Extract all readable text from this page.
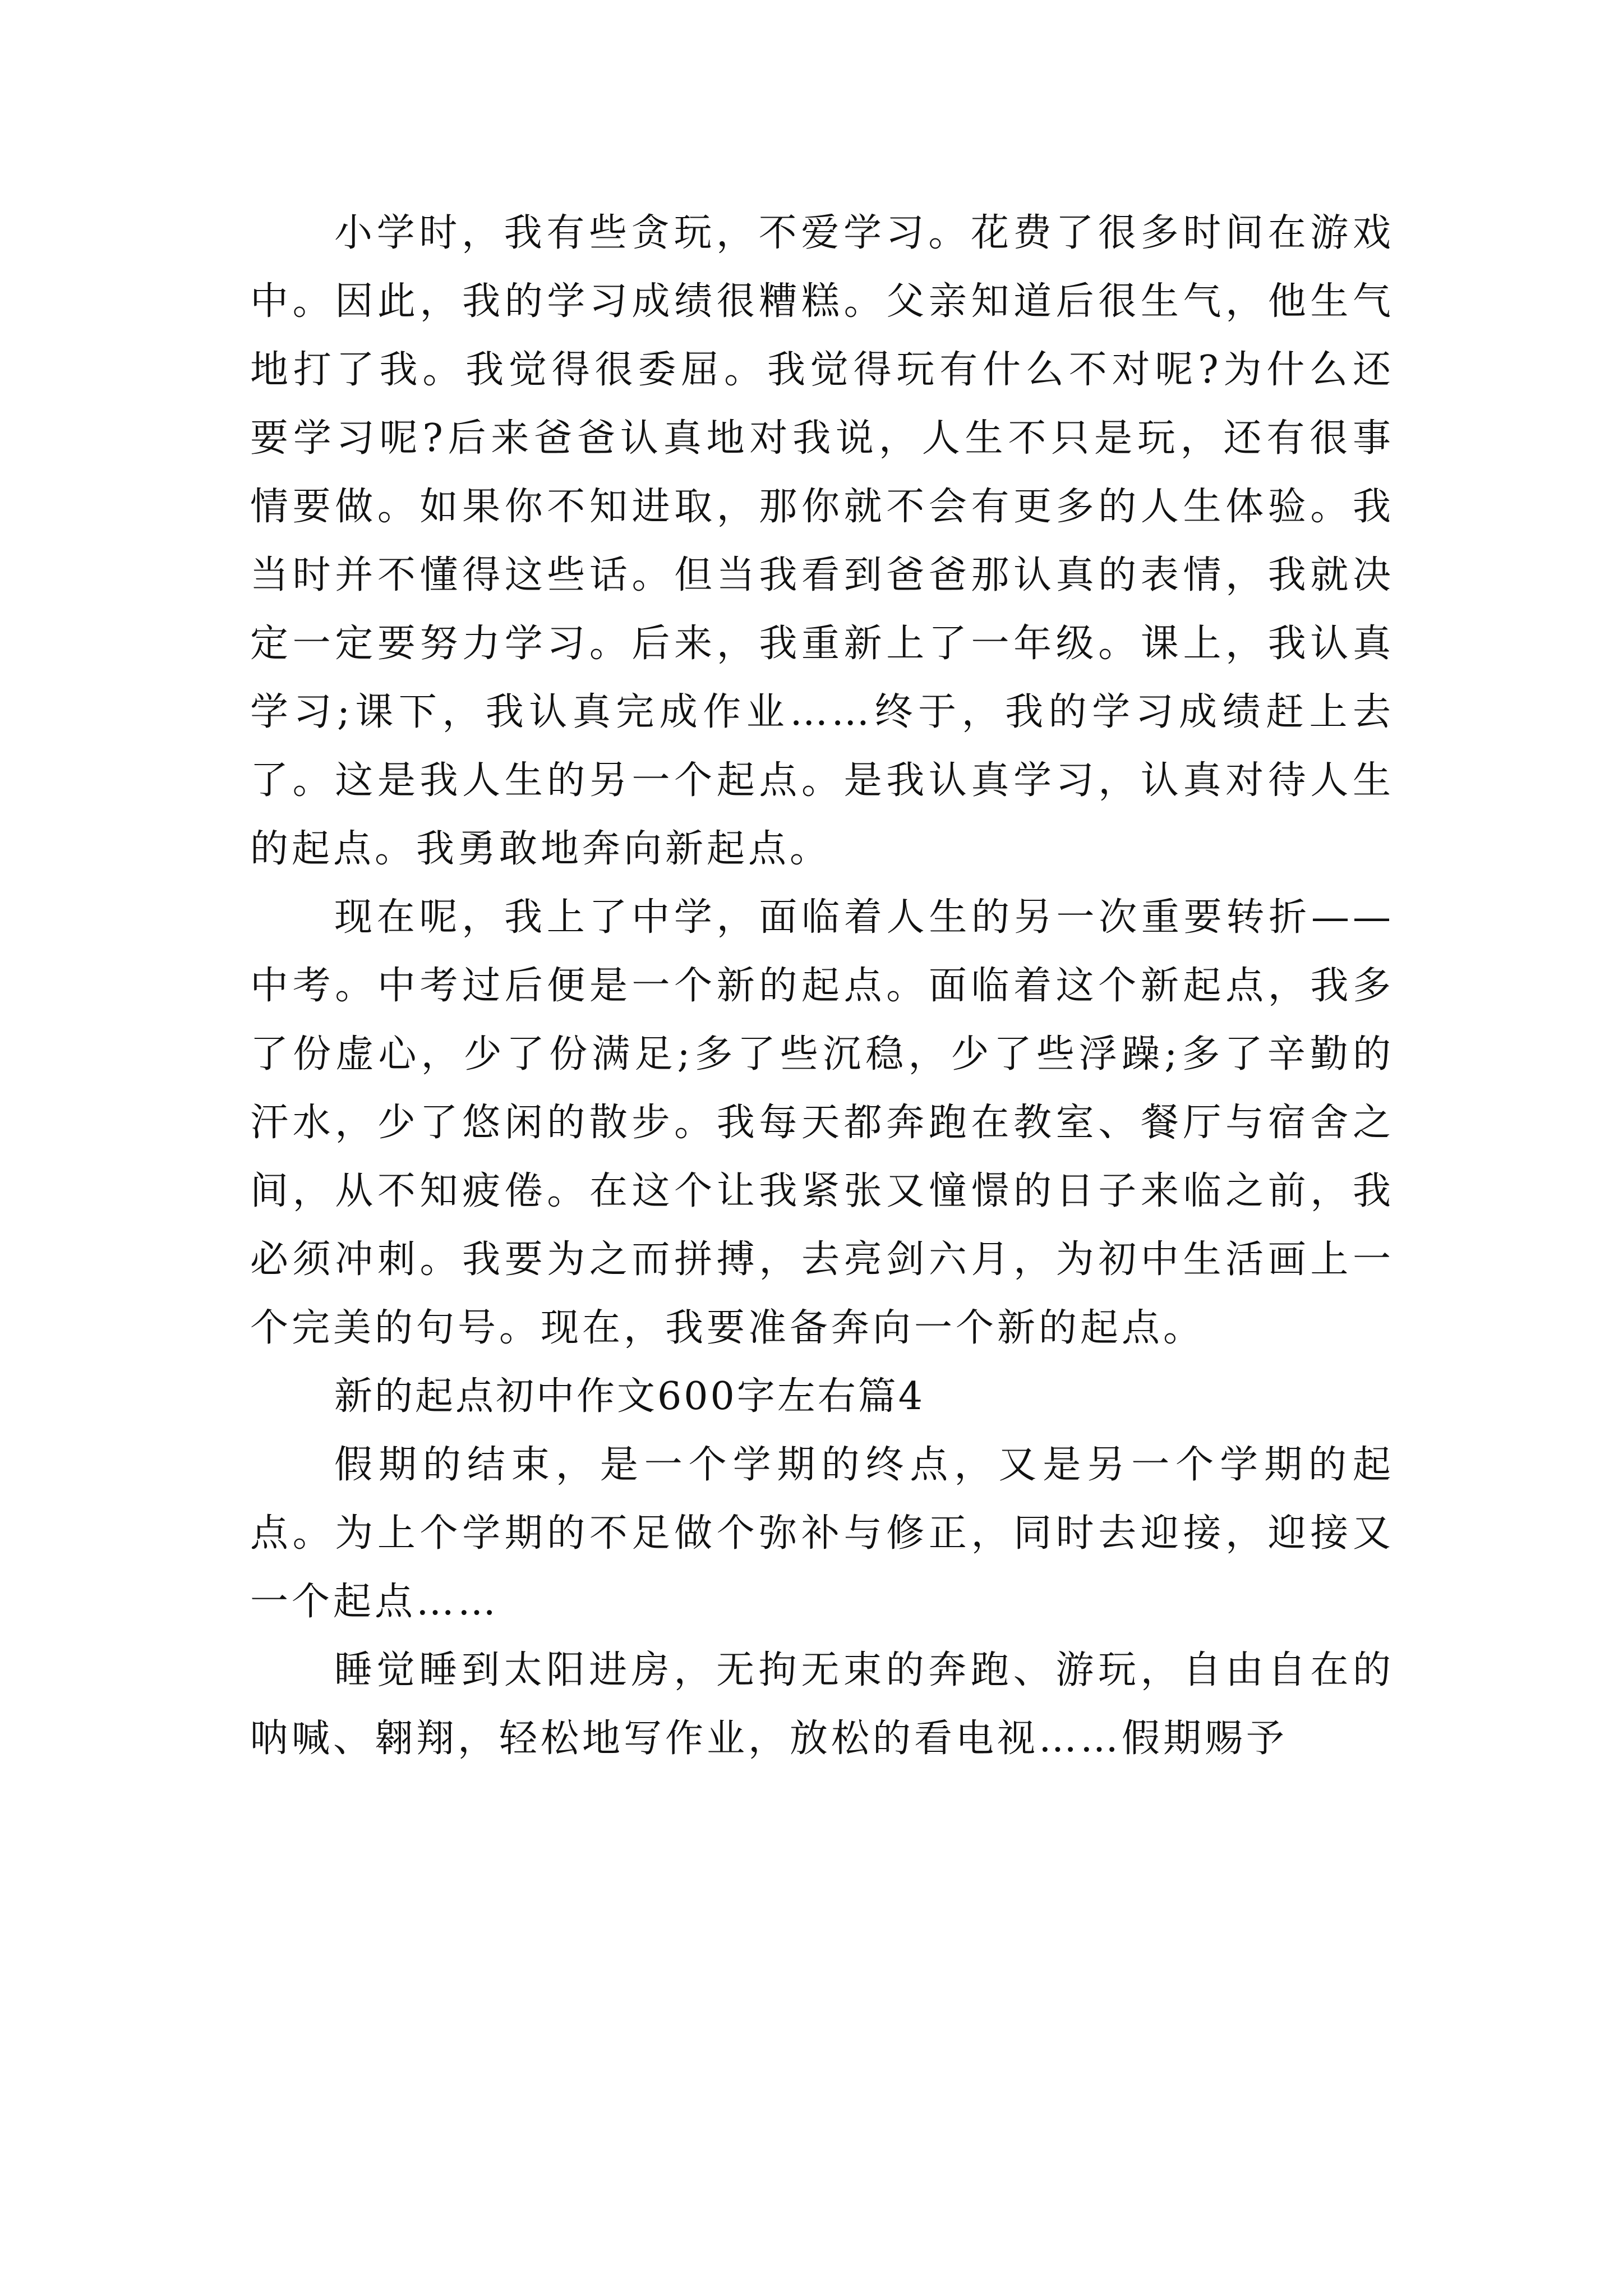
小学时，我有些贪玩，不爱学习。花费了很多时间在游戏中。因此，我的学习成绩很糟糕。父亲知道后很生气，他生气地打了我。我觉得很委屈。我觉得玩有什么不对呢?为什么还要学习呢?后来爸爸认真地对我说，人生不只是玩，还有很事情要做。如果你不知进取，那你就不会有更多的人生体验。我当时并不懂得这些话。但当我看到爸爸那认真的表情，我就决定一定要努力学习。后来，我重新上了一年级。课上，我认真学习;课下，我认真完成作业……终于，我的学习成绩赶上去了。这是我人生的另一个起点。是我认真学习，认真对待人生的起点。我勇敢地奔向新起点。

现在呢，我上了中学，面临着人生的另一次重要转折——中考。中考过后便是一个新的起点。面临着这个新起点，我多了份虚心，少了份满足;多了些沉稳，少了些浮躁;多了辛勤的汗水，少了悠闲的散步。我每天都奔跑在教室、餐厅与宿舍之间，从不知疲倦。在这个让我紧张又憧憬的日子来临之前，我必须冲刺。我要为之而拼搏，去亮剑六月，为初中生活画上一个完美的句号。现在，我要准备奔向一个新的起点。

新的起点初中作文600字左右篇4

假期的结束，是一个学期的终点，又是另一个学期的起点。为上个学期的不足做个弥补与修正，同时去迎接，迎接又一个起点……

睡觉睡到太阳进房，无拘无束的奔跑、游玩，自由自在的呐喊、翱翔，轻松地写作业，放松的看电视……假期赐予
